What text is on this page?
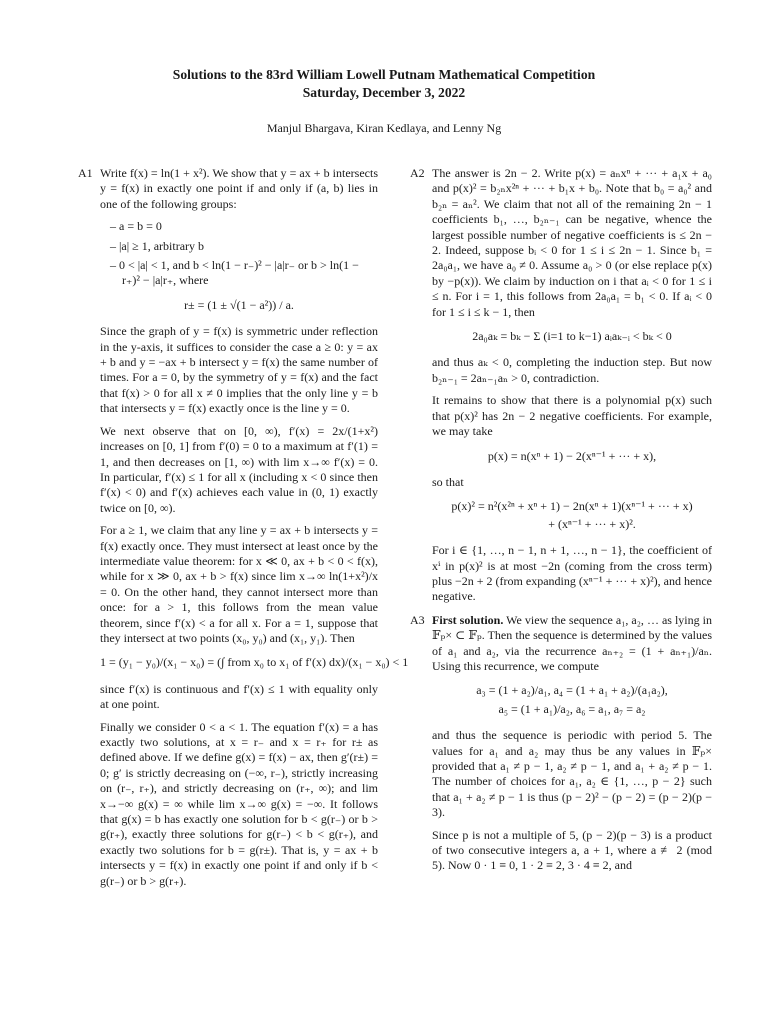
Solutions to the 83rd William Lowell Putnam Mathematical Competition
Saturday, December 3, 2022
Manjul Bhargava, Kiran Kedlaya, and Lenny Ng
A1 Write f(x) = ln(1 + x²). We show that y = ax + b intersects y = f(x) in exactly one point if and only if (a, b) lies in one of the following groups:

– a = b = 0
– |a| ≥ 1, arbitrary b
– 0 < |a| < 1, and b < ln(1 − r₋)² − |a|r₋ or b > ln(1 − r₊)² − |a|r₊, where
r± = (1 ± √(1 − a²)) / a.

Since the graph of y = f(x) is symmetric under reflection in the y-axis, it suffices to consider the case a ≥ 0: y = ax + b and y = −ax + b intersect y = f(x) the same number of times. For a = 0, by the symmetry of y = f(x) and the fact that f(x) > 0 for all x ≠ 0 implies that the only line y = b that intersects y = f(x) exactly once is the line y = 0.

We next observe that on [0, ∞), f′(x) = 2x/(1+x²) increases on [0, 1] from f′(0) = 0 to a maximum at f′(1) = 1, and then decreases on [1, ∞) with lim x→∞ f′(x) = 0. In particular, f′(x) ≤ 1 for all x (including x < 0 since then f′(x) < 0) and f′(x) achieves each value in (0, 1) exactly twice on [0, ∞).

For a ≥ 1, we claim that any line y = ax + b intersects y = f(x) exactly once. They must intersect at least once by the intermediate value theorem: for x ≪ 0, ax + b < 0 < f(x), while for x ≫ 0, ax + b > f(x) since lim x→∞ ln(1+x²)/x = 0. On the other hand, they cannot intersect more than once: for a > 1, this follows from the mean value theorem, since f′(x) < a for all x. For a = 1, suppose that they intersect at two points (x₀, y₀) and (x₁, y₁). Then

1 = (y₁ − y₀)/(x₁ − x₀) = (∫ from x₀ to x₁ of f′(x) dx)/(x₁ − x₀) < 1

since f′(x) is continuous and f′(x) ≤ 1 with equality only at one point.

Finally we consider 0 < a < 1. The equation f′(x) = a has exactly two solutions, at x = r₋ and x = r₊ for r± as defined above. If we define g(x) = f(x) − ax, then g′(r±) = 0; g′ is strictly decreasing on (−∞, r₋), strictly increasing on (r₋, r₊), and strictly decreasing on (r₊, ∞); and lim x→−∞ g(x) = ∞ while lim x→∞ g(x) = −∞. It follows that g(x) = b has exactly one solution for b < g(r₋) or b > g(r₊), exactly three solutions for g(r₋) < b < g(r₊), and exactly two solutions for b = g(r±). That is, y = ax + b intersects y = f(x) in exactly one point if and only if b < g(r₋) or b > g(r₊).

A2 The answer is 2n − 2. Write p(x) = aₙxⁿ + ··· + a₁x + a₀ and p(x)² = b₂ₙx²ⁿ + ··· + b₁x + b₀. Note that b₀ = a₀² and b₂ₙ = aₙ². We claim that not all of the remaining 2n − 1 coefficients b₁, …, b₂ₙ₋₁ can be negative, whence the largest possible number of negative coefficients is ≤ 2n − 2. Indeed, suppose bᵢ < 0 for 1 ≤ i ≤ 2n − 1. Since b₁ = 2a₀a₁, we have a₀ ≠ 0. Assume a₀ > 0 (or else replace p(x) by −p(x)). We claim by induction on i that aᵢ < 0 for 1 ≤ i ≤ n. For i = 1, this follows from 2a₀a₁ = b₁ < 0. If aᵢ < 0 for 1 ≤ i ≤ k − 1, then

2a₀aₖ = bₖ − Σ (i=1 to k−1) aᵢaₖ₋ᵢ < bₖ < 0

and thus aₖ < 0, completing the induction step. But now b₂ₙ₋₁ = 2aₙ₋₁aₙ > 0, contradiction.

It remains to show that there is a polynomial p(x) such that p(x)² has 2n − 2 negative coefficients. For example, we may take

p(x) = n(xⁿ + 1) − 2(xⁿ⁻¹ + ··· + x),

so that

p(x)² = n²(x²ⁿ + xⁿ + 1) − 2n(xⁿ + 1)(xⁿ⁻¹ + ··· + x)
+ (xⁿ⁻¹ + ··· + x)².

For i ∈ {1, …, n − 1, n + 1, …, n − 1}, the coefficient of xⁱ in p(x)² is at most −2n (coming from the cross term) plus −2n + 2 (from expanding (xⁿ⁻¹ + ··· + x)²), and hence negative.

A3 First solution. We view the sequence a₁, a₂, … as lying in 𝔽ₚ× ⊂ 𝔽ₚ. Then the sequence is determined by the values of a₁ and a₂, via the recurrence aₙ₊₂ = (1 + aₙ₊₁)/aₙ. Using this recurrence, we compute

a₃ = (1 + a₂)/a₁, a₄ = (1 + a₁ + a₂)/(a₁a₂),
a₅ = (1 + a₁)/a₂, a₆ = a₁, a₇ = a₂

and thus the sequence is periodic with period 5. The values for a₁ and a₂ may thus be any values in 𝔽ₚ× provided that a₁ ≠ p − 1, a₂ ≠ p − 1, and a₁ + a₂ ≠ p − 1. The number of choices for a₁, a₂ ∈ {1, …, p − 2} such that a₁ + a₂ ≠ p − 1 is thus (p − 2)² − (p − 2) = (p − 2)(p − 3).

Since p is not a multiple of 5, (p − 2)(p − 3) is a product of two consecutive integers a, a + 1, where a ≢ 2 (mod 5). Now 0 · 1 ≡ 0, 1 · 2 ≡ 2, 3 · 4 ≡ 2, and
